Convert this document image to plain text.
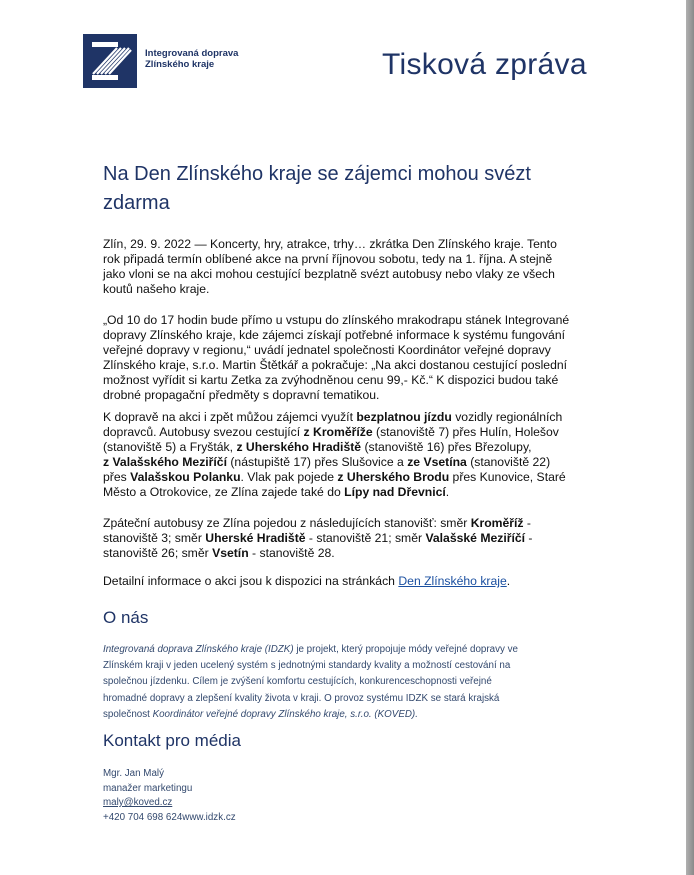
Integrovaná doprava
Zlínského kraje	Tisková zpráva
Na Den Zlínského kraje se zájemci mohou svézt
zdarma
Zlín, 29. 9. 2022 — Koncerty, hry, atrakce, trhy… zkrátka Den Zlínského kraje. Tento
rok připadá termín oblíbené akce na první říjnovou sobotu, tedy na 1. října. A stejně
jako vloni se na akci mohou cestující bezplatně svézt autobusy nebo vlaky ze všech
koutů našeho kraje.
„Od 10 do 17 hodin bude přímo u vstupu do zlínského mrakodrapu stánek Integrované
dopravy Zlínského kraje, kde zájemci získají potřebné informace k systému fungování
veřejné dopravy v regionu,“ uvádí jednatel společnosti Koordinátor veřejné dopravy
Zlínského kraje, s.r.o. Martin Štětkář a pokračuje: „Na akci dostanou cestující poslední
možnost vyřídit si kartu Zetka za zvýhodněnou cenu 99,- Kč.“ K dispozici budou také
drobné propagační předměty s dopravní tematikou.
K dopravě na akci i zpět můžou zájemci využít bezplatnou jízdu vozidly regionálních
dopravců. Autobusy svezou cestující z Kroměříže (stanoviště 7) přes Hulín, Holešov
(stanoviště 5) a Fryšták, z Uherského Hradiště (stanoviště 16) přes Březolupy,
z Valašského Meziříčí (nástupiště 17) přes Slušovice a ze Vsetína (stanoviště 22)
přes Valašskou Polanku. Vlak pak pojede z Uherského Brodu přes Kunovice, Staré
Město a Otrokovice, ze Zlína zajede také do Lípy nad Dřevnicí.
Zpáteční autobusy ze Zlína pojedou z následujících stanovišť: směr Kroměříž -
stanoviště 3; směr Uherské Hradiště - stanoviště 21; směr Valašské Meziříčí -
stanoviště 26; směr Vsetín - stanoviště 28.
Detailní informace o akci jsou k dispozici na stránkách Den Zlínského kraje.
O nás
Integrovaná doprava Zlínského kraje (IDZK) je projekt, který propojuje módy veřejné dopravy ve
Zlínském kraji v jeden ucelený systém s jednotnými standardy kvality a možností cestování na
společnou jízdenku. Cílem je zvýšení komfortu cestujících, konkurenceschopnosti veřejné
hromadné dopravy a zlepšení kvality života v kraji. O provoz systému IDZK se stará krajská
společnost Koordinátor veřejné dopravy Zlínského kraje, s.r.o. (KOVED).
Kontakt pro média
Mgr. Jan Malý
manažer marketingu
maly@koved.cz
+420 704 698 624www.idzk.cz
